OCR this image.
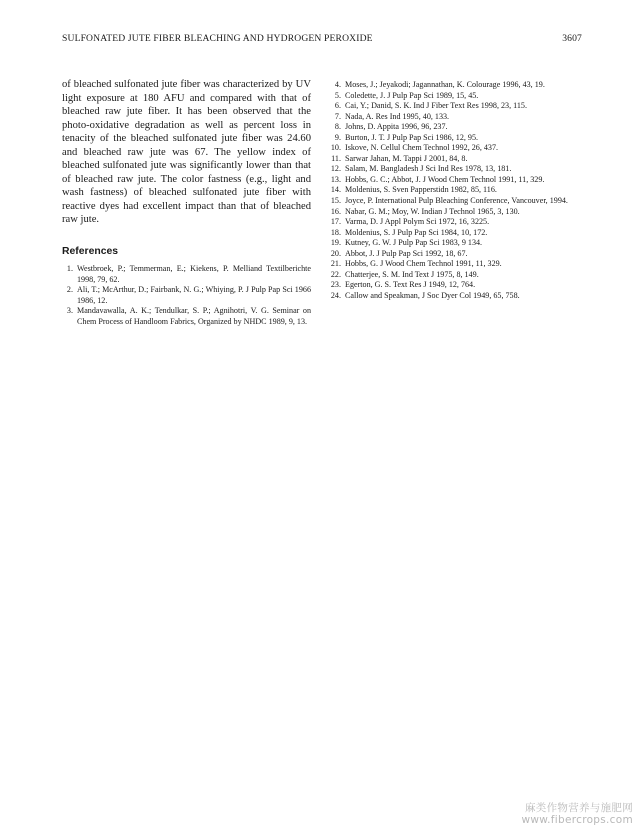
SULFONATED JUTE FIBER BLEACHING AND HYDROGEN PEROXIDE	3607

of bleached sulfonated jute fiber was characterized by UV light exposure at 180 AFU and compared with that of bleached raw jute fiber. It has been observed that the photo-oxidative degradation as well as percent loss in tenacity of the bleached sulfonated jute fiber was 24.60 and bleached raw jute was 67. The yellow index of bleached sulfonated jute was significantly lower than that of bleached raw jute. The color fastness (e.g., light and wash fastness) of bleached sulfonated jute fiber with reactive dyes had excellent impact than that of bleached raw jute.

References
1. Westbroek, P.; Temmerman, E.; Kiekens, P. Melliand Textilberichte 1998, 79, 62.
2. Ali, T.; McArthur, D.; Fairbank, N. G.; Whiying, P. J Pulp Pap Sci 1966 1986, 12.
3. Mandavawalla, A. K.; Tendulkar, S. P.; Agnihotri, V. G. Seminar on Chem Process of Handloom Fabrics, Organized by NHDC 1989, 9, 13.
4. Moses, J.; Jeyakodi; Jagannathan, K. Colourage 1996, 43, 19.
5. Coledette, J. J Pulp Pap Sci 1989, 15, 45.
6. Cai, Y.; Danid, S. K. Ind J Fiber Text Res 1998, 23, 115.
7. Nada, A. Res Ind 1995, 40, 133.
8. Johns, D. Appita 1996, 96, 237.
9. Burton, J. T. J Pulp Pap Sci 1986, 12, 95.
10. Iskove, N. Cellul Chem Technol 1992, 26, 437.
11. Sarwar Jahan, M. Tappi J 2001, 84, 8.
12. Salam, M. Bangladesh J Sci Ind Res 1978, 13, 181.
13. Hobbs, G. C.; Abbot, J. J Wood Chem Technol 1991, 11, 329.
14. Moldenius, S. Sven Papperstidn 1982, 85, 116.
15. Joyce, P. International Pulp Bleaching Conference, Vancouver, 1994.
16. Nabar, G. M.; Moy, W. Indian J Technol 1965, 3, 130.
17. Varma, D. J Appl Polym Sci 1972, 16, 3225.
18. Moldenius, S. J Pulp Pap Sci 1984, 10, 172.
19. Kutney, G. W. J Pulp Pap Sci 1983, 9 134.
20. Abbot, J. J Pulp Pap Sci 1992, 18, 67.
21. Hobbs, G. J Wood Chem Technol 1991, 11, 329.
22. Chatterjee, S. M. Ind Text J 1975, 8, 149.
23. Egerton, G. S. Text Res J 1949, 12, 764.
24. Callow and Speakman, J Soc Dyer Col 1949, 65, 758.
麻类作物营养与施肥网
www.fibercrops.com
